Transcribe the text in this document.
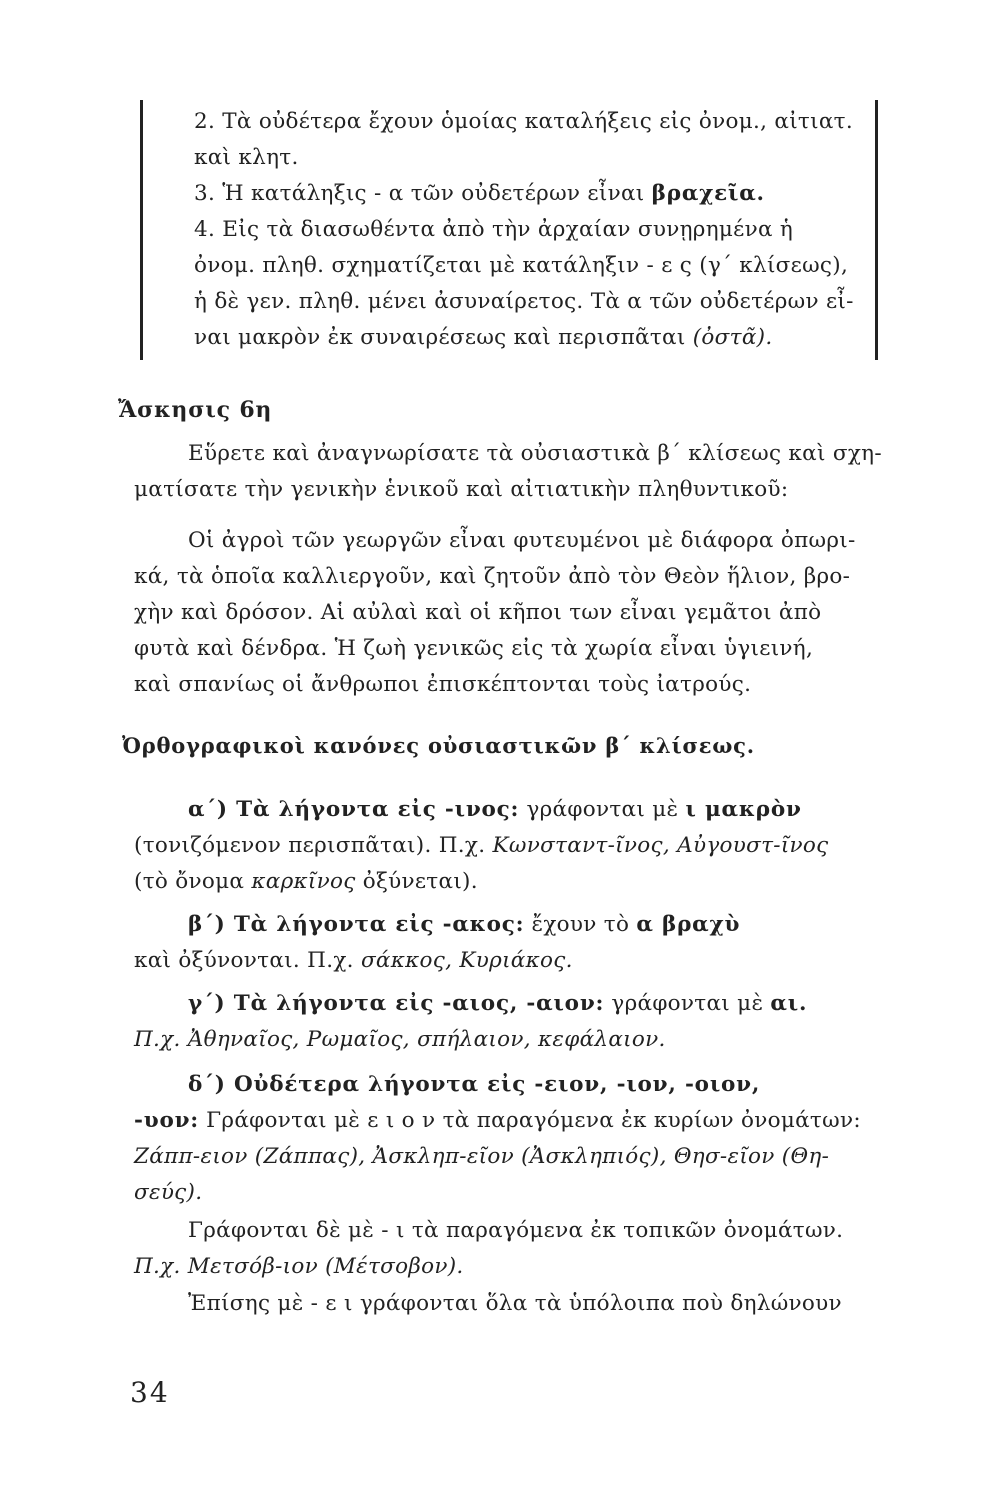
2. Τὰ οὐδέτερα ἔχουν ὁμοίας καταλήξεις εἰς ὀνομ., αἰτιατ.
καὶ κλητ.
3. Ἡ κατάληξις - α τῶν οὐδετέρων εἶναι βραχεῖα.
4. Εἰς τὰ διασωθέντα ἀπὸ τὴν ἀρχαίαν συνῃρημένα ἡ
ὀνομ. πληθ. σχηματίζεται μὲ κατάληξιν - ε ς (γ΄ κλίσεως),
ἡ δὲ γεν. πληθ. μένει ἀσυναίρετος. Τὰ α τῶν οὐδετέρων εἶ-
ναι μακρὸν ἐκ συναιρέσεως καὶ περισπᾶται (ὀστᾶ).
Ἄσκησις 6η
Εὕρετε καὶ ἀναγνωρίσατε τὰ οὐσιαστικὰ β΄ κλίσεως καὶ σχη-
ματίσατε τὴν γενικὴν ἑνικοῦ καὶ αἰτιατικὴν πληθυντικοῦ:
Οἱ ἀγροὶ τῶν γεωργῶν εἶναι φυτευμένοι μὲ διάφορα ὀπωρι-
κά, τὰ ὁποῖα καλλιεργοῦν, καὶ ζητοῦν ἀπὸ τὸν Θεὸν ἥλιον, βρο-
χὴν καὶ δρόσον. Αἱ αὐλαὶ καὶ οἱ κῆποι των εἶναι γεμᾶτοι ἀπὸ
φυτὰ καὶ δένδρα. Ἡ ζωὴ γενικῶς εἰς τὰ χωρία εἶναι ὑγιεινή,
καὶ σπανίως οἱ ἄνθρωποι ἐπισκέπτονται τοὺς ἰατρούς.
Ὀρθογραφικοὶ κανόνες οὐσιαστικῶν β΄ κλίσεως.
α΄) Τὰ λήγοντα εἰς -ινος: γράφονται μὲ ι μακρὸν
(τονιζόμενον περισπᾶται). Π.χ. Κωνσταντ-ῖνος, Αὐγουστ-ῖνος
(τὸ ὄνομα καρκῖνος ὀξύνεται).
β΄) Τὰ λήγοντα εἰς -ακος: ἔχουν τὸ α βραχὺ
καὶ ὀξύνονται. Π.χ. σάκκος, Κυριάκος.
γ΄) Τὰ λήγοντα εἰς -αιος, -αιον: γράφονται μὲ αι.
Π.χ. Ἀθηναῖος, Ρωμαῖος, σπήλαιον, κεφάλαιον.
δ΄) Οὐδέτερα λήγοντα εἰς -ειον, -ιον, -οιον,
-υον: Γράφονται μὲ ε ι ο ν τὰ παραγόμενα ἐκ κυρίων ὀνομάτων:
Ζάππ-ειον (Ζάππας), Ἀσκληπ-εῖον (Ἀσκληπιός), Θησ-εῖον (Θη-
σεύς).
Γράφονται δὲ μὲ - ι τὰ παραγόμενα ἐκ τοπικῶν ὀνομάτων.
Π.χ. Μετσόβ-ιον (Μέτσοβον).
Ἐπίσης μὲ - ε ι γράφονται ὅλα τὰ ὑπόλοιπα ποὺ δηλώνουν
34
